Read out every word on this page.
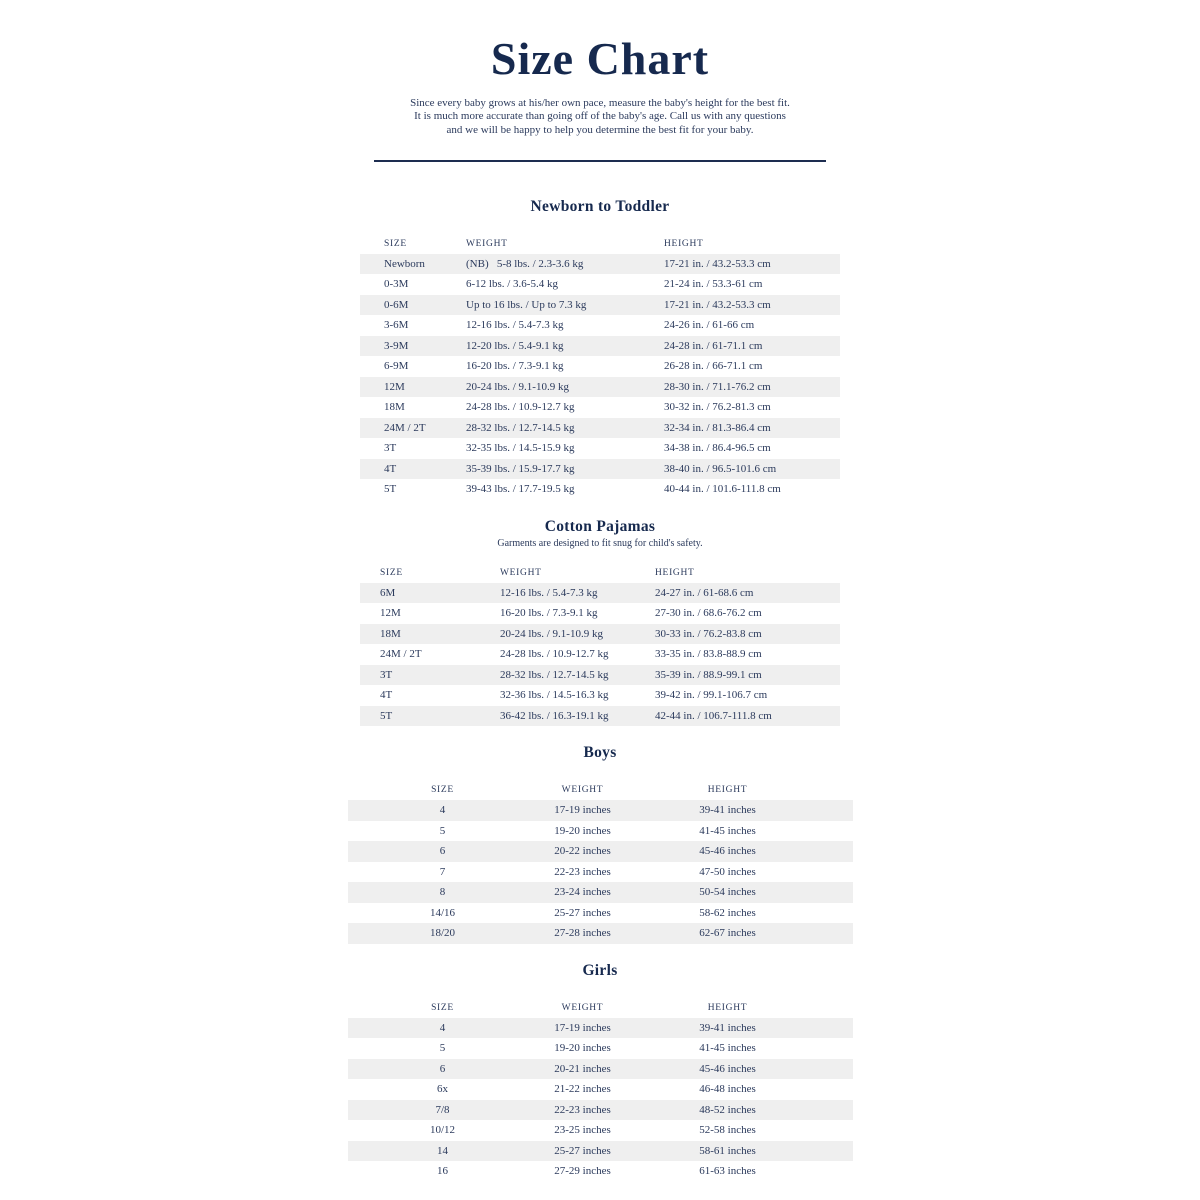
Size Chart
Since every baby grows at his/her own pace, measure the baby's height for the best fit.
It is much more accurate than going off of the baby's age. Call us with any questions
and we will be happy to help you determine the best fit for your baby.
Newborn to Toddler
SIZE	WEIGHT	HEIGHT
Newborn	(NB)   5-8 lbs. / 2.3-3.6 kg	17-21 in. / 43.2-53.3 cm
0-3M	6-12 lbs. / 3.6-5.4 kg	21-24 in. / 53.3-61 cm
0-6M	Up to 16 lbs. / Up to 7.3 kg	17-21 in. / 43.2-53.3 cm
3-6M	12-16 lbs. / 5.4-7.3 kg	24-26 in. / 61-66 cm
3-9M	12-20 lbs. / 5.4-9.1 kg	24-28 in. / 61-71.1 cm
6-9M	16-20 lbs. / 7.3-9.1 kg	26-28 in. / 66-71.1 cm
12M	20-24 lbs. / 9.1-10.9 kg	28-30 in. / 71.1-76.2 cm
18M	24-28 lbs. / 10.9-12.7 kg	30-32 in. / 76.2-81.3 cm
24M / 2T	28-32 lbs. / 12.7-14.5 kg	32-34 in. / 81.3-86.4 cm
3T	32-35 lbs. / 14.5-15.9 kg	34-38 in. / 86.4-96.5 cm
4T	35-39 lbs. / 15.9-17.7 kg	38-40 in. / 96.5-101.6 cm
5T	39-43 lbs. / 17.7-19.5 kg	40-44 in. / 101.6-111.8 cm
Cotton Pajamas
Garments are designed to fit snug for child's safety.
SIZE	WEIGHT	HEIGHT
6M	12-16 lbs. / 5.4-7.3 kg	24-27 in. / 61-68.6 cm
12M	16-20 lbs. / 7.3-9.1 kg	27-30 in. / 68.6-76.2 cm
18M	20-24 lbs. / 9.1-10.9 kg	30-33 in. / 76.2-83.8 cm
24M / 2T	24-28 lbs. / 10.9-12.7 kg	33-35 in. / 83.8-88.9 cm
3T	28-32 lbs. / 12.7-14.5 kg	35-39 in. / 88.9-99.1 cm
4T	32-36 lbs. / 14.5-16.3 kg	39-42 in. / 99.1-106.7 cm
5T	36-42 lbs. / 16.3-19.1 kg	42-44 in. / 106.7-111.8 cm
Boys
SIZE	WEIGHT	HEIGHT
4	17-19 inches	39-41 inches
5	19-20 inches	41-45 inches
6	20-22 inches	45-46 inches
7	22-23 inches	47-50 inches
8	23-24 inches	50-54 inches
14/16	25-27 inches	58-62 inches
18/20	27-28 inches	62-67 inches
Girls
SIZE	WEIGHT	HEIGHT
4	17-19 inches	39-41 inches
5	19-20 inches	41-45 inches
6	20-21 inches	45-46 inches
6x	21-22 inches	46-48 inches
7/8	22-23 inches	48-52 inches
10/12	23-25 inches	52-58 inches
14	25-27 inches	58-61 inches
16	27-29 inches	61-63 inches
